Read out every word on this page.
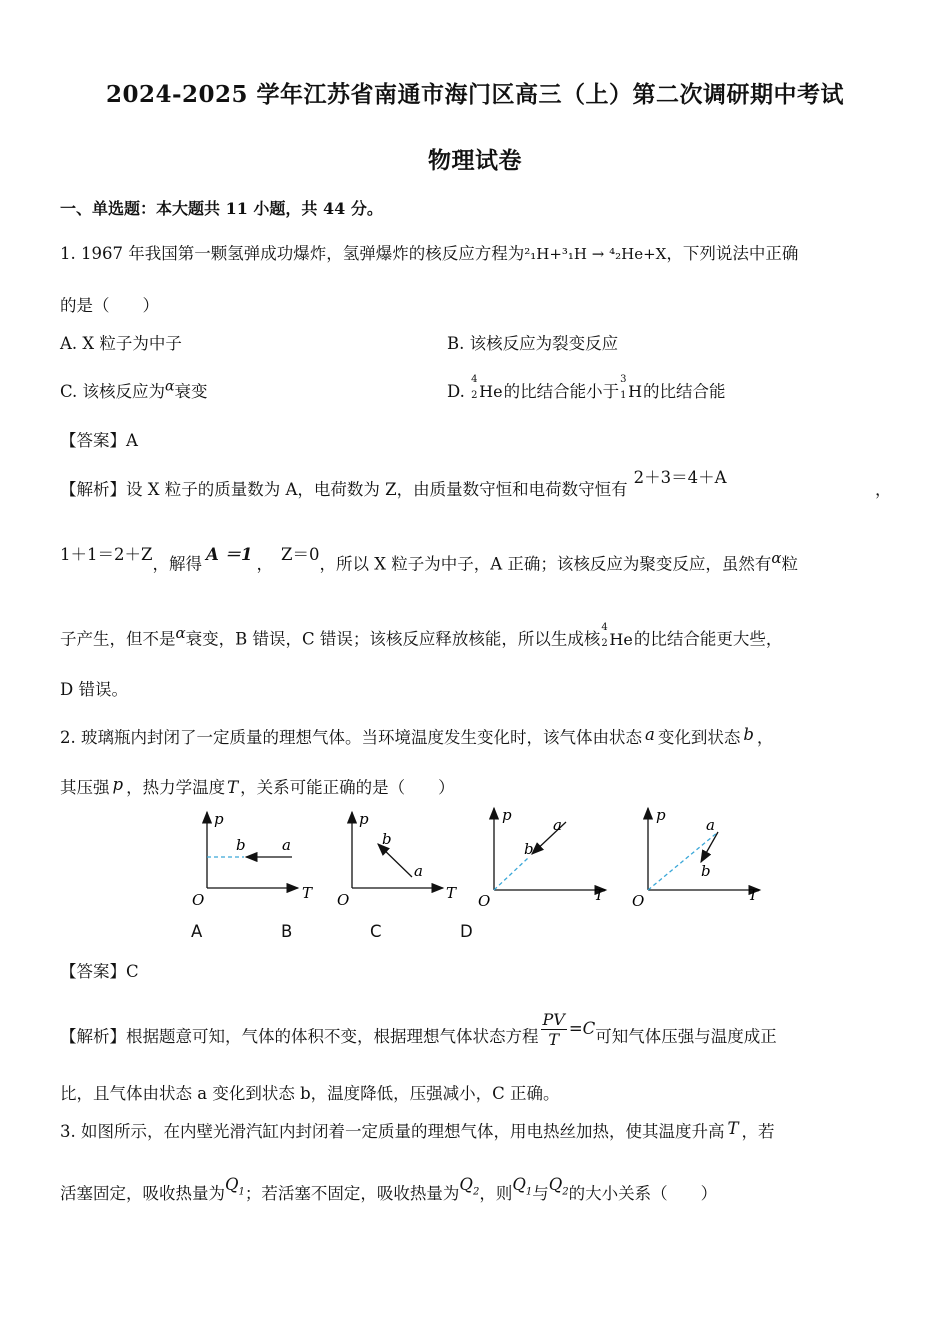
2024-2025 学年江苏省南通市海门区高三（上）第二次调研期中考试
物理试卷
一、单选题：本大题共 11 小题，共 44 分。
1. 1967 年我国第一颗氢弹成功爆炸，氢弹爆炸的核反应方程为²₁H+³₁H → ⁴₂He+X，下列说法中正确
的是（　　）
A. X 粒子为中子	B. 该核反应为裂变反应
C. 该核反应为$^\alpha$衰变	D.
4
2 He的比结合能小于
3
1 H的比结合能
【答案】A
【解析】设 X 粒子的质量数为 A，电荷数为 Z，由质量数守恒和电荷数守恒有2＋3＝4＋A
，
1＋1＝2＋Z，解得A ＝1，Z＝0，所以 X 粒子为中子，A 正确；该核反应为聚变反应，虽然有$^\alpha$粒
子产生，但不是$^\alpha$衰变，B 错误，C 错误；该核反应释放核能，所以生成核
4
2 He的比结合能更大些，
D 错误。
2. 玻璃瓶内封闭了一定质量的理想气体。当环境温度发生变化时，该气体由状态 a 变化到状态 b ，
其压强 p ，热力学温度 T ，关系可能正确的是（　　）
p
T
O
b a
p
T
O
b
a
p
T
O
b
a
p
T
O
a
b
A	B	C	D
【答案】C
【解析】根据题意可知，气体的体积不变，根据理想气体状态方程 $\frac{PV}{T} =C$可知气体压强与温度成正
比，且气体由状态 a 变化到状态 b，温度降低，压强减小，C 正确。
3. 如图所示，在内壁光滑汽缸内封闭着一定质量的理想气体，用电热丝加热，使其温度升高 T ，若
活塞固定，吸收热量为$Q_1$；若活塞不固定，吸收热量为$Q_2$，则$Q_1$与$Q_2$的大小关系（　　）
